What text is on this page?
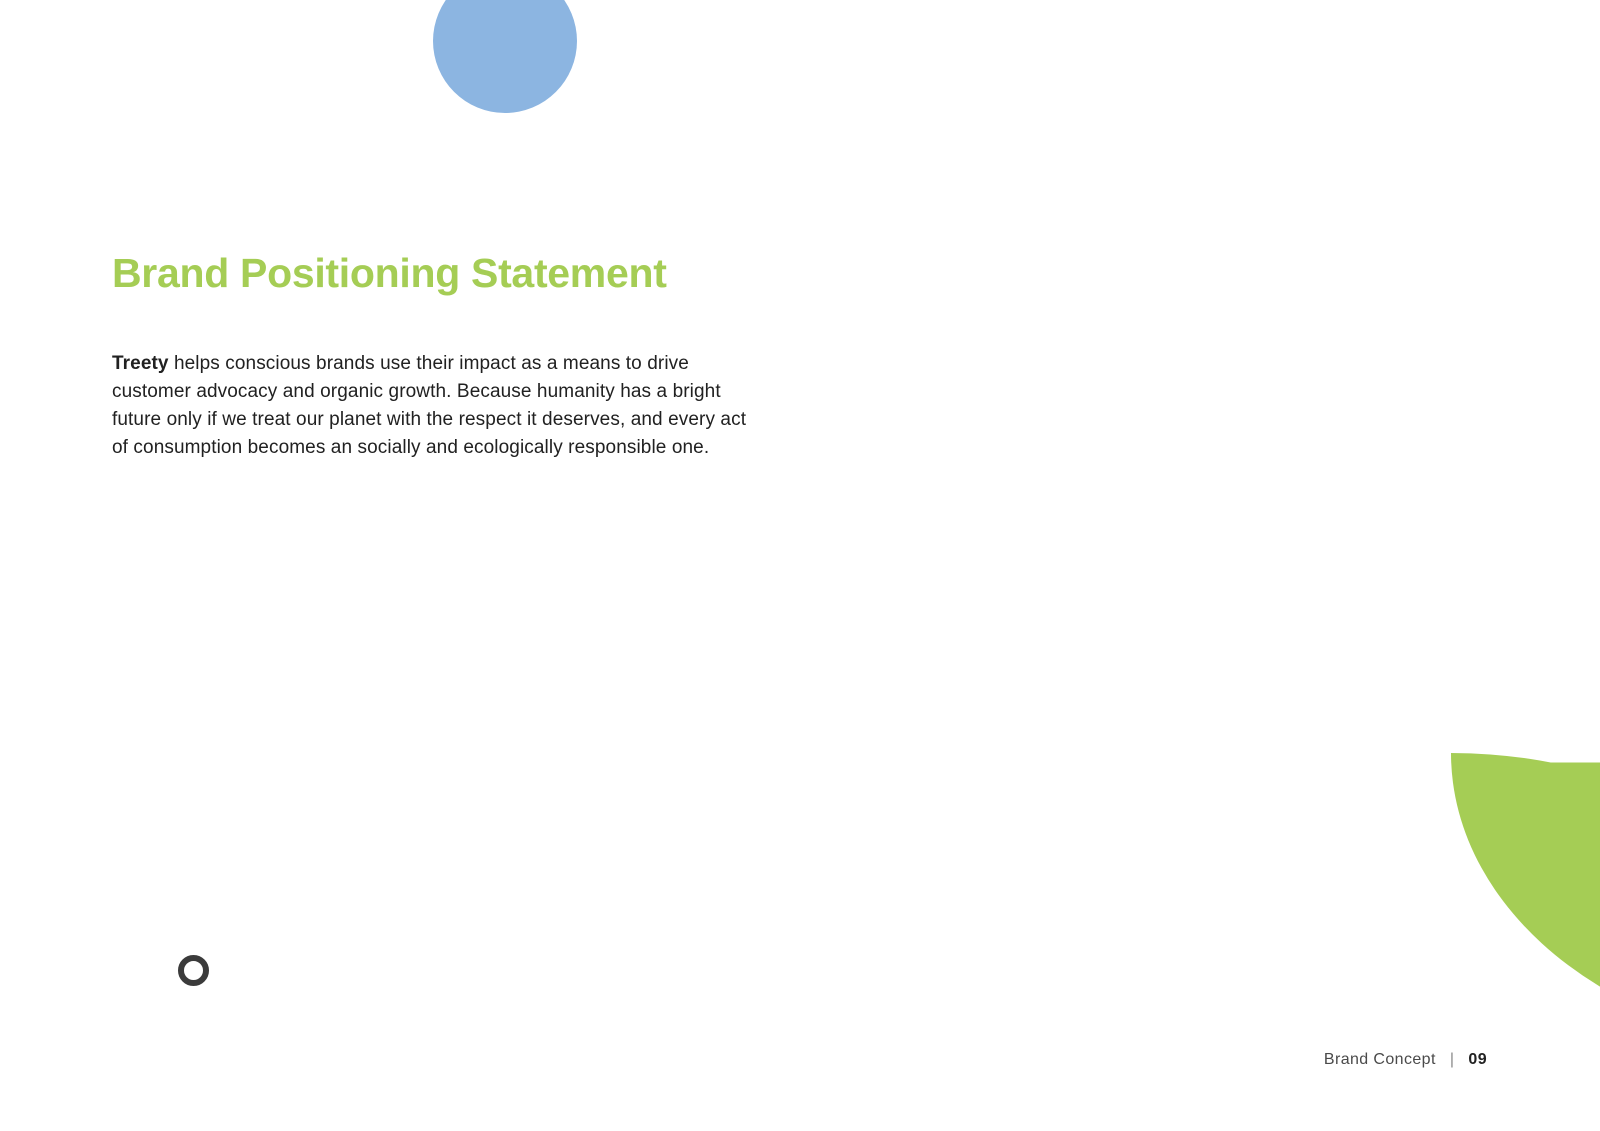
Brand Positioning Statement

Treety helps conscious brands use their impact as a means to drive
customer advocacy and organic growth. Because humanity has a bright
future only if we treat our planet with the respect it deserves, and every act
of consumption becomes an socially and ecologically responsible one.

Brand Concept | 09
